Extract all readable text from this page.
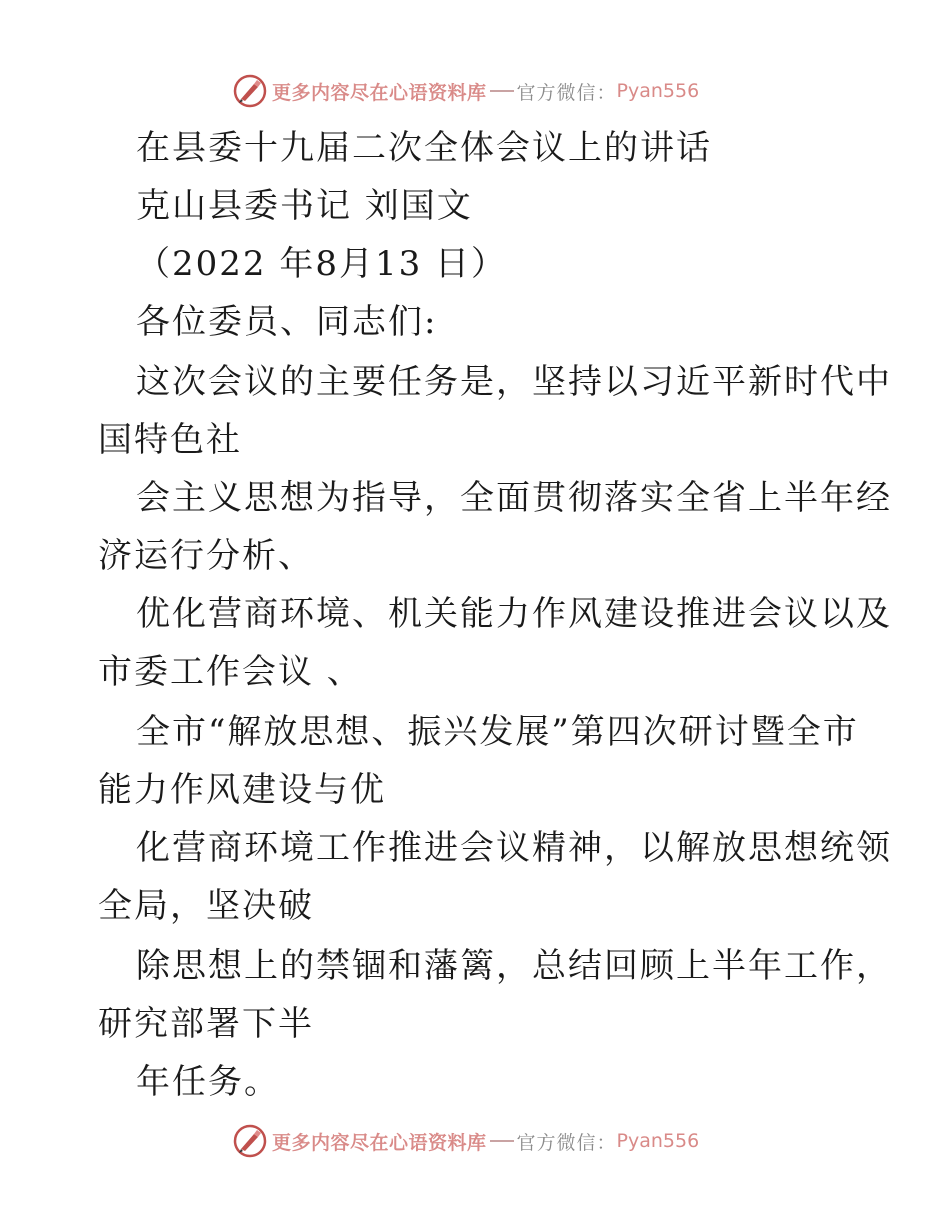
更多内容尽在心语资料库 官方微信： Pyan556
在县委十九届二次全体会议上的讲话
克山县委书记 刘国文
（2022 年8月13 日）
各位委员、同志们:
这次会议的主要任务是，坚持以习近平新时代中
国特色社
会主义思想为指导，全面贯彻落实全省上半年经
济运行分析、
优化营商环境、机关能力作风建设推进会议以及
市委工作会议 、
全市“解放思想、振兴发展”第四次研讨暨全市
能力作风建设与优
化营商环境工作推进会议精神，以解放思想统领
全局，坚决破
除思想上的禁锢和藩篱，总结回顾上半年工作，
研究部署下半
年任务。
更多内容尽在心语资料库 官方微信： Pyan556
